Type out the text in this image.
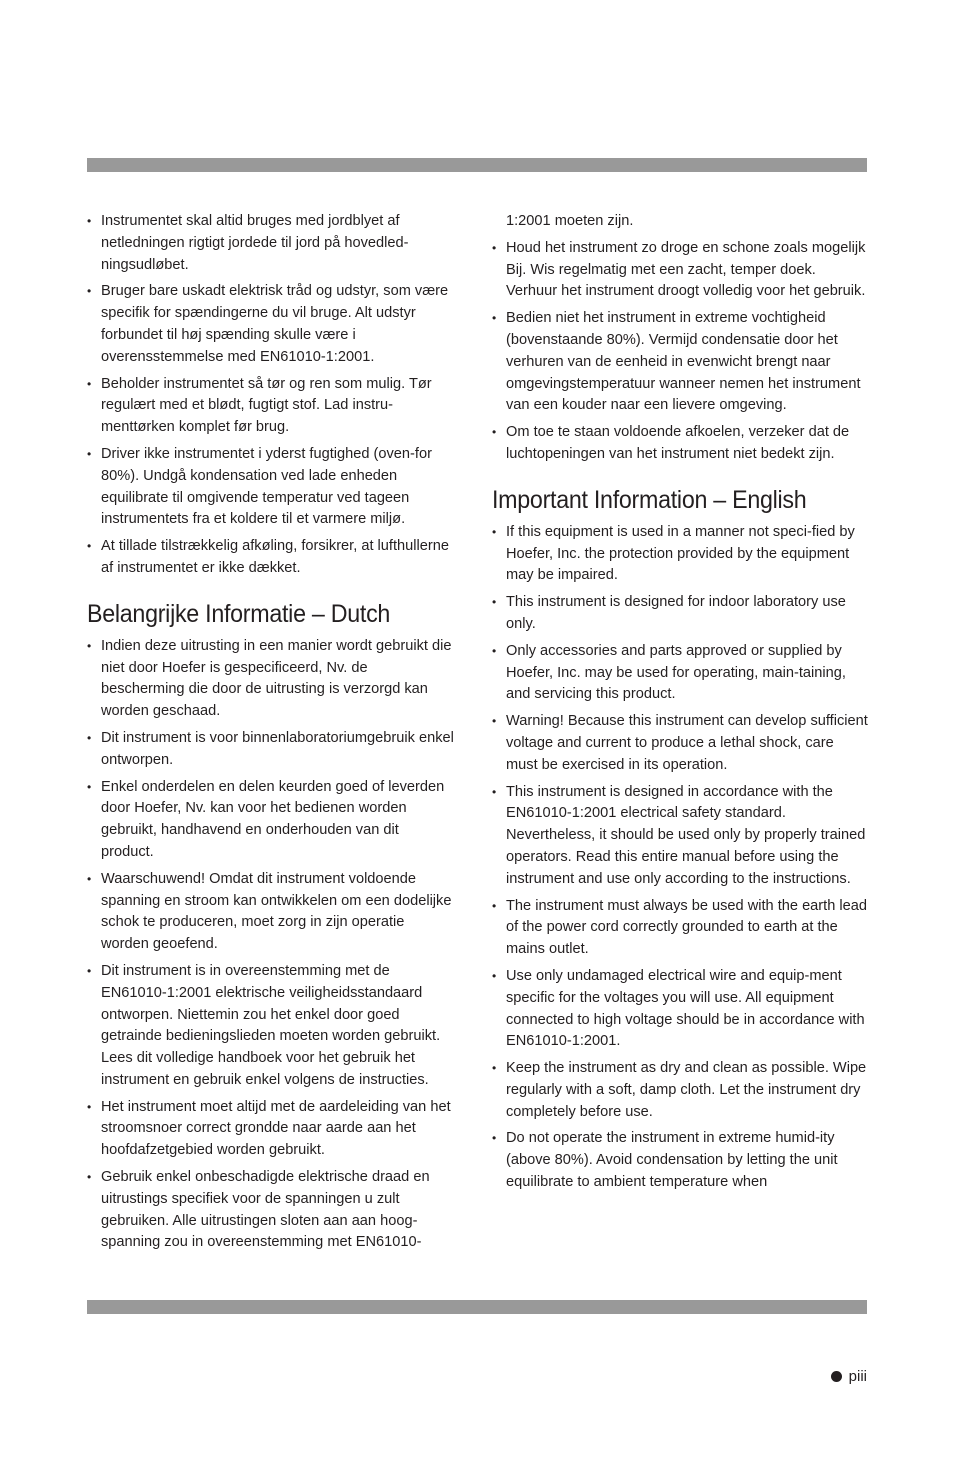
• Instrumentet skal altid bruges med jordblyet af netledningen rigtigt jordede til jord på hovedled-ningsudløbet.
• Bruger bare uskadt elektrisk tråd og udstyr, som være specifik for spændingerne du vil bruge. Alt udstyr forbundet til høj spænding skulle være i overensstemmelse med EN61010-1:2001.
• Beholder instrumentet så tør og ren som mulig. Tør regulært med et blødt, fugtigt stof. Lad instru-menttørken komplet før brug.
• Driver ikke instrumentet i yderst fugtighed (oven-for 80%). Undgå kondensation ved lade enheden equilibrate til omgivende temperatur ved tageen instrumentets fra et koldere til et varmere miljø.
• At tillade tilstrækkelig afkøling, forsikrer, at lufthullerne af instrumentet er ikke dækket.
Belangrijke Informatie – Dutch
• Indien deze uitrusting in een manier wordt gebruikt die niet door Hoefer is gespecificeerd, Nv. de bescherming die door de uitrusting is verzorgd kan worden geschaad.
• Dit instrument is voor binnenlaboratoriumgebruik enkel ontworpen.
• Enkel onderdelen en delen keurden goed of leverden door Hoefer, Nv. kan voor het bedienen worden gebruikt, handhavend en onderhouden van dit product.
• Waarschuwend! Omdat dit instrument voldoende spanning en stroom kan ontwikkelen om een dodelijke schok te produceren, moet zorg in zijn operatie worden geoefend.
• Dit instrument is in overeenstemming met de EN61010-1:2001 elektrische veiligheidsstandaard ontworpen. Niettemin zou het enkel door goed getrainde bedieningslieden moeten worden gebruikt. Lees dit volledige handboek voor het gebruik het instrument en gebruik enkel volgens de instructies.
• Het instrument moet altijd met de aardeleiding van het stroomsnoer correct grondde naar aarde aan het hoofdafzetgebied worden gebruikt.
• Gebruik enkel onbeschadigde elektrische draad en uitrustings specifiek voor de spanningen u zult gebruiken. Alle uitrustingen sloten aan aan hoog-spanning zou in overeenstemming met EN61010-
1:2001 moeten zijn.
• Houd het instrument zo droge en schone zoals mogelijk Bij. Wis regelmatig met een zacht, temper doek. Verhuur het instrument droogt volledig voor het gebruik.
• Bedien niet het instrument in extreme vochtigheid (bovenstaande 80%). Vermijd condensatie door het verhuren van de eenheid in evenwicht brengt naar omgevingstemperatuur wanneer nemen het instrument van een kouder naar een lievere omgeving.
• Om toe te staan voldoende afkoelen, verzeker dat de luchtopeningen van het instrument niet bedekt zijn.
Important Information – English
• If this equipment is used in a manner not speci-fied by Hoefer, Inc. the protection provided by the equipment may be impaired.
• This instrument is designed for indoor laboratory use only.
• Only accessories and parts approved or supplied by Hoefer, Inc. may be used for operating, main-taining, and servicing this product.
• Warning! Because this instrument can develop sufficient voltage and current to produce a lethal shock, care must be exercised in its operation.
• This instrument is designed in accordance with the EN61010-1:2001 electrical safety standard. Nevertheless, it should be used only by properly trained operators. Read this entire manual before using the instrument and use only according to the instructions.
• The instrument must always be used with the earth lead of the power cord correctly grounded to earth at the mains outlet.
• Use only undamaged electrical wire and equip-ment specific for the voltages you will use. All equipment connected to high voltage should be in accordance with EN61010-1:2001.
• Keep the instrument as dry and clean as possible. Wipe regularly with a soft, damp cloth. Let the instrument dry completely before use.
• Do not operate the instrument in extreme humid-ity (above 80%). Avoid condensation by letting the unit equilibrate to ambient temperature when
piii
